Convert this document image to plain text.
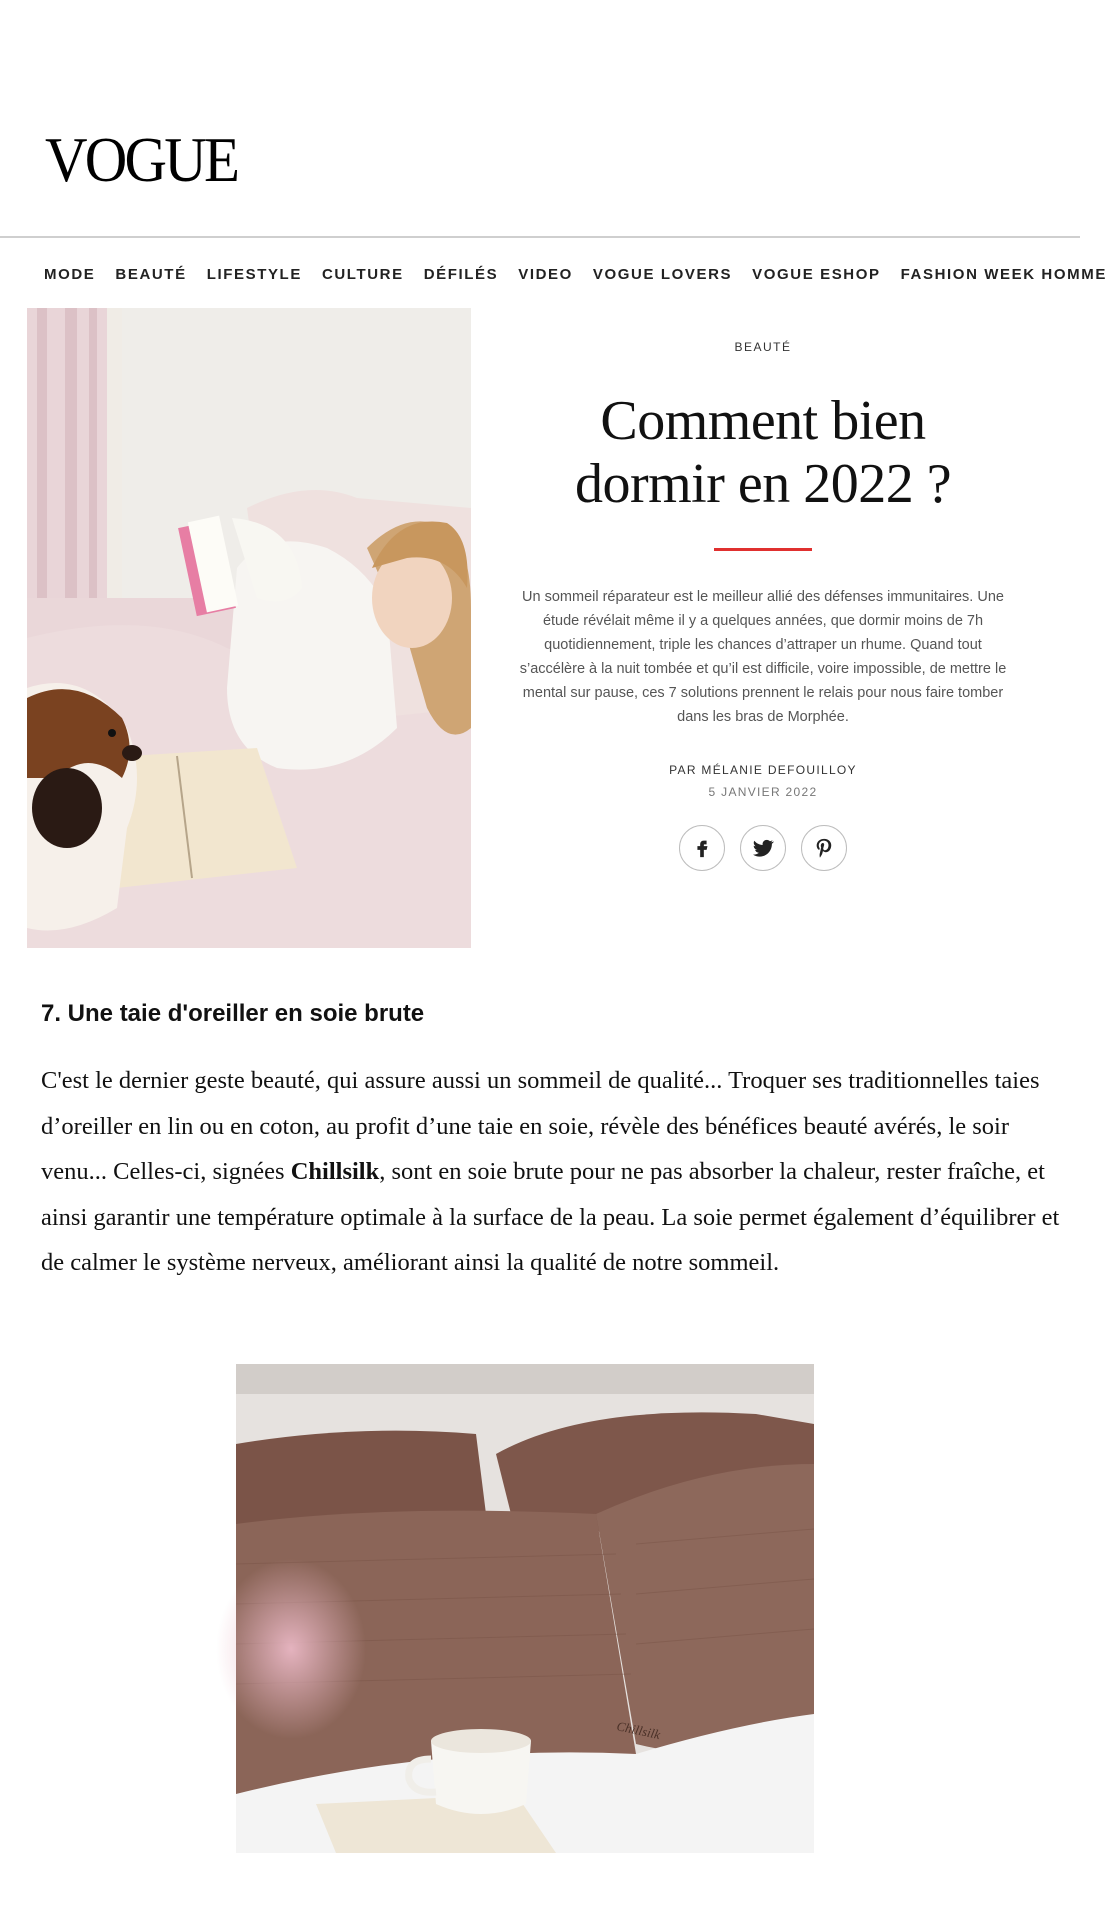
VOGUE
MODE BEAUTÉ LIFESTYLE CULTURE DÉFILÉS VIDEO VOGUE LOVERS VOGUE ESHOP FASHION WEEK HOMME
BEAUTÉ
Comment bien
dormir en 2022 ?
Un sommeil réparateur est le meilleur allié des défenses immunitaires. Une étude révélait même il y a quelques années, que dormir moins de 7h quotidiennement, triple les chances d’attraper un rhume. Quand tout s’accélère à la nuit tombée et qu’il est difficile, voire impossible, de mettre le mental sur pause, ces 7 solutions prennent le relais pour nous faire tomber dans les bras de Morphée.
PAR MÉLANIE DEFOUILLOY
5 JANVIER 2022
7. Une taie d'oreiller en soie brute
C'est le dernier geste beauté, qui assure aussi un sommeil de qualité... Troquer ses traditionnelles taies d’oreiller en lin ou en coton, au profit d’une taie en soie, révèle des bénéfices beauté avérés, le soir venu... Celles-ci, signées Chillsilk, sont en soie brute pour ne pas absorber la chaleur, rester fraîche, et ainsi garantir une température optimale à la surface de la peau. La soie permet également d’équilibrer et de calmer le système nerveux, améliorant ainsi la qualité de notre sommeil.
Chillsilk
